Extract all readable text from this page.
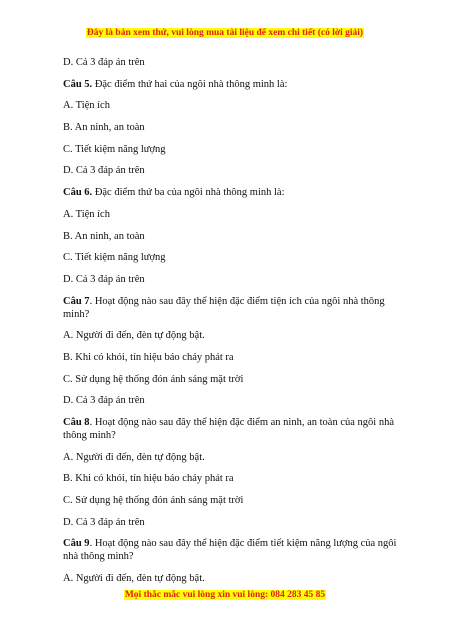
Đây là bản xem thử, vui lòng mua tài liệu để xem chi tiết (có lời giải)

D. Cả 3 đáp án trên

Câu 5. Đặc điểm thứ hai của ngôi nhà thông minh là:

A. Tiện ích

B. An ninh, an toàn

C. Tiết kiệm năng lượng

D. Cả 3 đáp án trên

Câu 6. Đặc điểm thứ ba của ngôi nhà thông minh là:

A. Tiện ích

B. An ninh, an toàn

C. Tiết kiệm năng lượng

D. Cả 3 đáp án trên

Câu 7. Hoạt động nào sau đây thể hiện đặc điểm tiện ích của ngôi nhà thông minh?

A. Người đi đến, đèn tự động bật.

B. Khi có khói, tín hiệu báo cháy phát ra

C. Sử dụng hệ thống đón ánh sáng mặt trời

D. Cả 3 đáp án trên

Câu 8. Hoạt động nào sau đây thể hiện đặc điểm an ninh, an toàn của ngôi nhà thông minh?

A. Người đi đến, đèn tự động bật.

B. Khi có khói, tín hiệu báo cháy phát ra

C. Sử dụng hệ thống đón ánh sáng mặt trời

D. Cả 3 đáp án trên

Câu 9. Hoạt động nào sau đây thể hiện đặc điểm tiết kiệm năng lượng của ngôi nhà thông minh?

A. Người đi đến, đèn tự động bật.

Mọi thắc mắc vui lòng xin vui lòng: 084 283 45 85
